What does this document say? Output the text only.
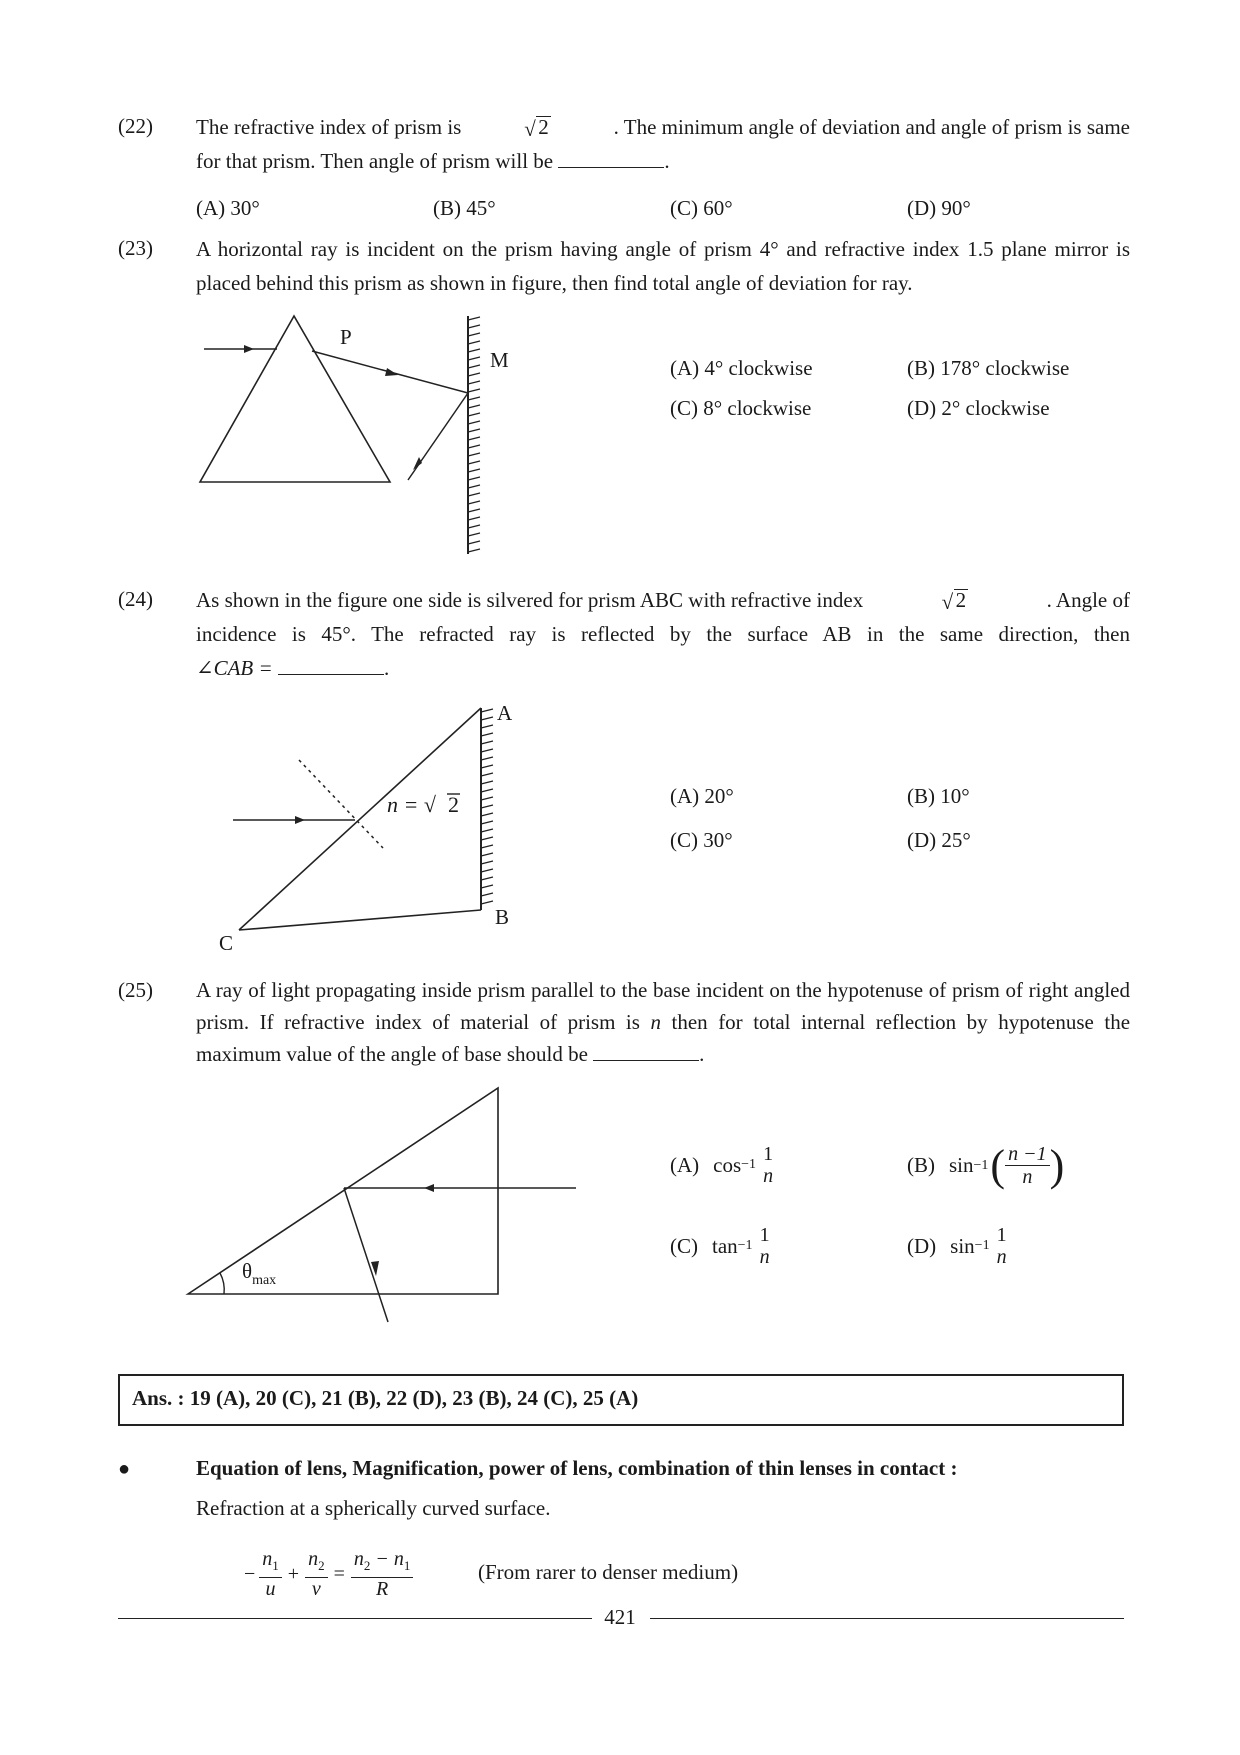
(22) The refractive index of prism is	√ 2	. The minimum angle of deviation and angle of prism is same
for that prism. Then angle of prism will be	.
(A) 30°	(B) 45°	(C) 60°	(D) 90°
(23) A horizontal ray is incident on the prism having angle of prism 4° and refractive index 1.5 plane mirror is placed behind this prism as shown in figure, then find total angle of deviation for ray.
P
M	(A) 4° clockwise	(B) 178° clockwise
(C) 8° clockwise	(D) 2° clockwise
(24) As shown in the figure one side is silvered for prism ABC with refractive index	√ 2	. Angle of
incidence is 45°. The refracted ray is reflected by the surface AB in the same direction, then
∠CAB =	.
A
B
C
n = √ 2	(A) 20°	(B) 10°
(C) 30°	(D) 25°
(25) A ray of light propagating inside prism parallel to the base incident on the hypotenuse of prism of right angled prism. If refractive index of material of prism is n then for total internal reflection by hypotenuse the maximum value of the angle of base should be	.
$\theta_{max}$
(A) cos −1 1
n	(B) sin −1 ( $\frac{n -1}{n}$ )
(C) tan −1 1
n	(D) sin −1 1
n
Ans. : 19 (A), 20 (C), 21 (B), 22 (D), 23 (B), 24 (C), 25 (A)
●	Equation of lens, Magnification, power of lens, combination of thin lenses in contact :
Refraction at a spherically curved surface.
− $\frac{n_1}{u} + \frac{n_2}{v} = \frac{n_2 - n_1}{R}$	(From rarer to denser medium)
421
